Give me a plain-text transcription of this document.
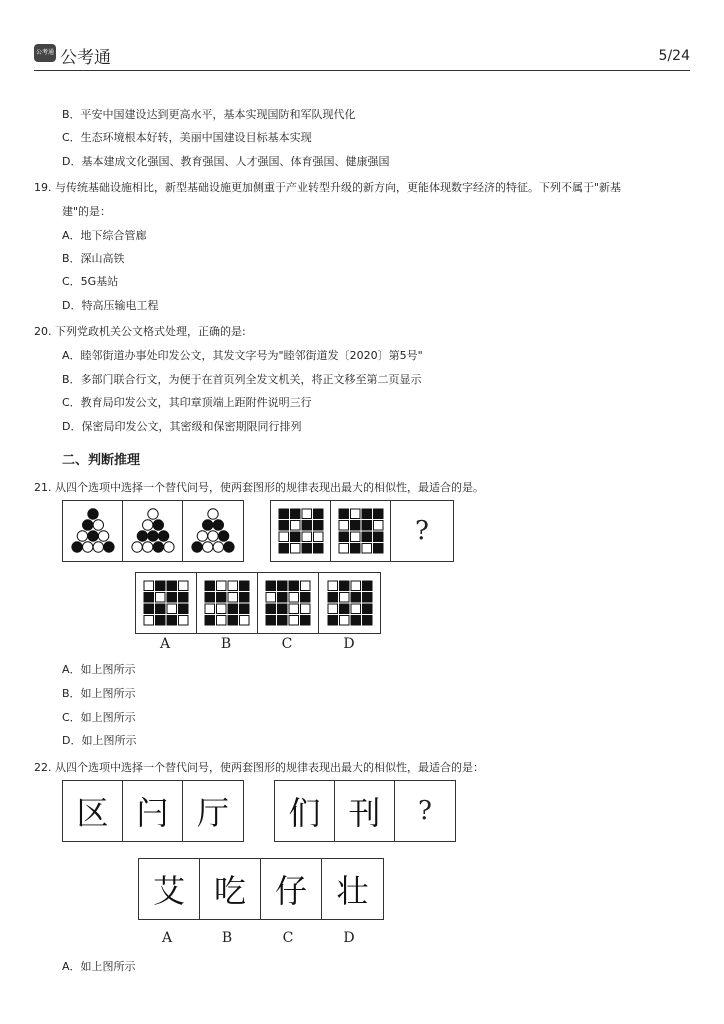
公考通 公考通	5/24
B．平安中国建设达到更高水平，基本实现国防和军队现代化
C．生态环境根本好转，美丽中国建设目标基本实现
D．基本建成文化强国、教育强国、人才强国、体育强国、健康强国
19. 与传统基础设施相比，新型基础设施更加侧重于产业转型升级的新方向，更能体现数字经济的特征。下列不属于"新基
建"的是：
A．地下综合管廊
B．深山高铁
C．5G基站
D．特高压输电工程
20. 下列党政机关公文格式处理，正确的是:
A．睦邻街道办事处印发公文，其发文字号为"睦邻街道发〔2020〕第5号"
B．多部门联合行文，为便于在首页列全发文机关，将正文移至第二页显示
C．教育局印发公文，其印章顶端上距附件说明三行
D．保密局印发公文，其密级和保密期限同行排列
二、判断推理
21. 从四个选项中选择一个替代问号，使两套图形的规律表现出最大的相似性，最适合的是。
?
A	B	C	D
A．如上图所示
B．如上图所示
C．如上图所示
D．如上图所示
22. 从四个选项中选择一个替代问号，使两套图形的规律表现出最大的相似性，最适合的是：
区 闩 厅 们 刊 ?
艾 吃 仔 壮
A	B	C	D
A．如上图所示
